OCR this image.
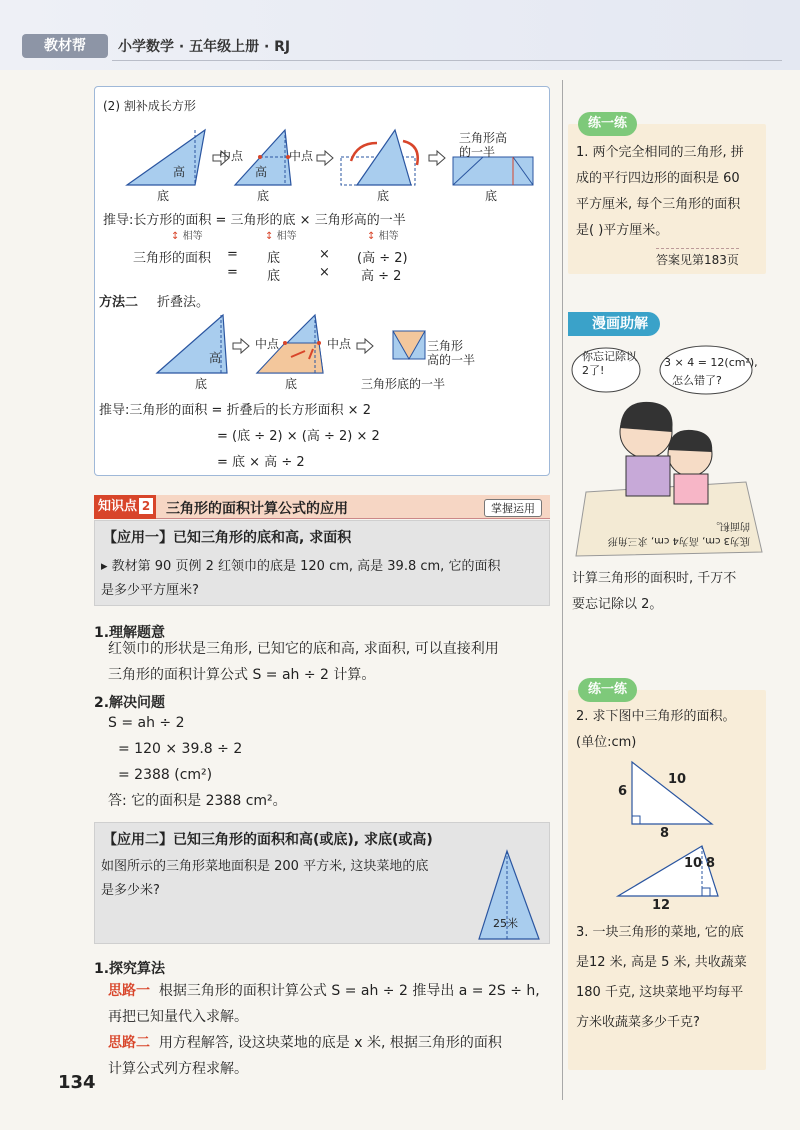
教材帮	小学数学 · 五年级上册 · RJ
(2) 割补成长方形
高
底
中点	中点
高
底	底
三角形高
的一半
底
推导:长方形的面积 = 三角形的底 × 三角形高的一半
↕ 相等	↕ 相等	↕ 相等
三角形的面积 = 底	× (高 ÷ 2)
= 底	× 高 ÷ 2
方法二 折叠法。
高
底
中点	中点
底
三角形
高的一半
三角形底的一半
推导:三角形的面积 = 折叠后的长方形面积 × 2
= (底 ÷ 2) × (高 ÷ 2) × 2
= 底 × 高 ÷ 2
知识点 2	三角形的面积计算公式的应用	掌握运用
【应用一】已知三角形的底和高, 求面积
▸ 教材第 90 页例 2 红领巾的底是 120 cm, 高是 39.8 cm, 它的面积
是多少平方厘米?
1.理解题意
红领巾的形状是三角形, 已知它的底和高, 求面积, 可以直接利用
三角形的面积计算公式 S = ah ÷ 2 计算。
2.解决问题
S = ah ÷ 2
= 120 × 39.8 ÷ 2
= 2388 (cm²)
答: 它的面积是 2388 cm²。
【应用二】已知三角形的面积和高(或底), 求底(或高)
如图所示的三角形菜地面积是 200 平方米, 这块菜地的底
是多少米?
25米
1.探究算法
思路一 根据三角形的面积计算公式 S = ah ÷ 2 推导出 a = 2S ÷ h,
再把已知量代入求解。
思路二 用方程解答, 设这块菜地的底是 x 米, 根据三角形的面积
计算公式列方程求解。
134
练一练
1. 两个完全相同的三角形, 拼
成的平行四边形的面积是 60
平方厘米, 每个三角形的面积
是( )平方厘米。
答案见第183页
漫画助解
你忘记除以2了!
3 × 4 = 12(cm²),
怎么错了?
底为3 cm, 高为4 cm, 求三角形的面积。
计算三角形的面积时, 千万不
要忘记除以 2。
练一练
2. 求下图中三角形的面积。
(单位:cm)
6
10
8
10 8
12
3. 一块三角形的菜地, 它的底
是12 米, 高是 5 米, 共收蔬菜
180 千克, 这块菜地平均每平
方米收蔬菜多少千克?
